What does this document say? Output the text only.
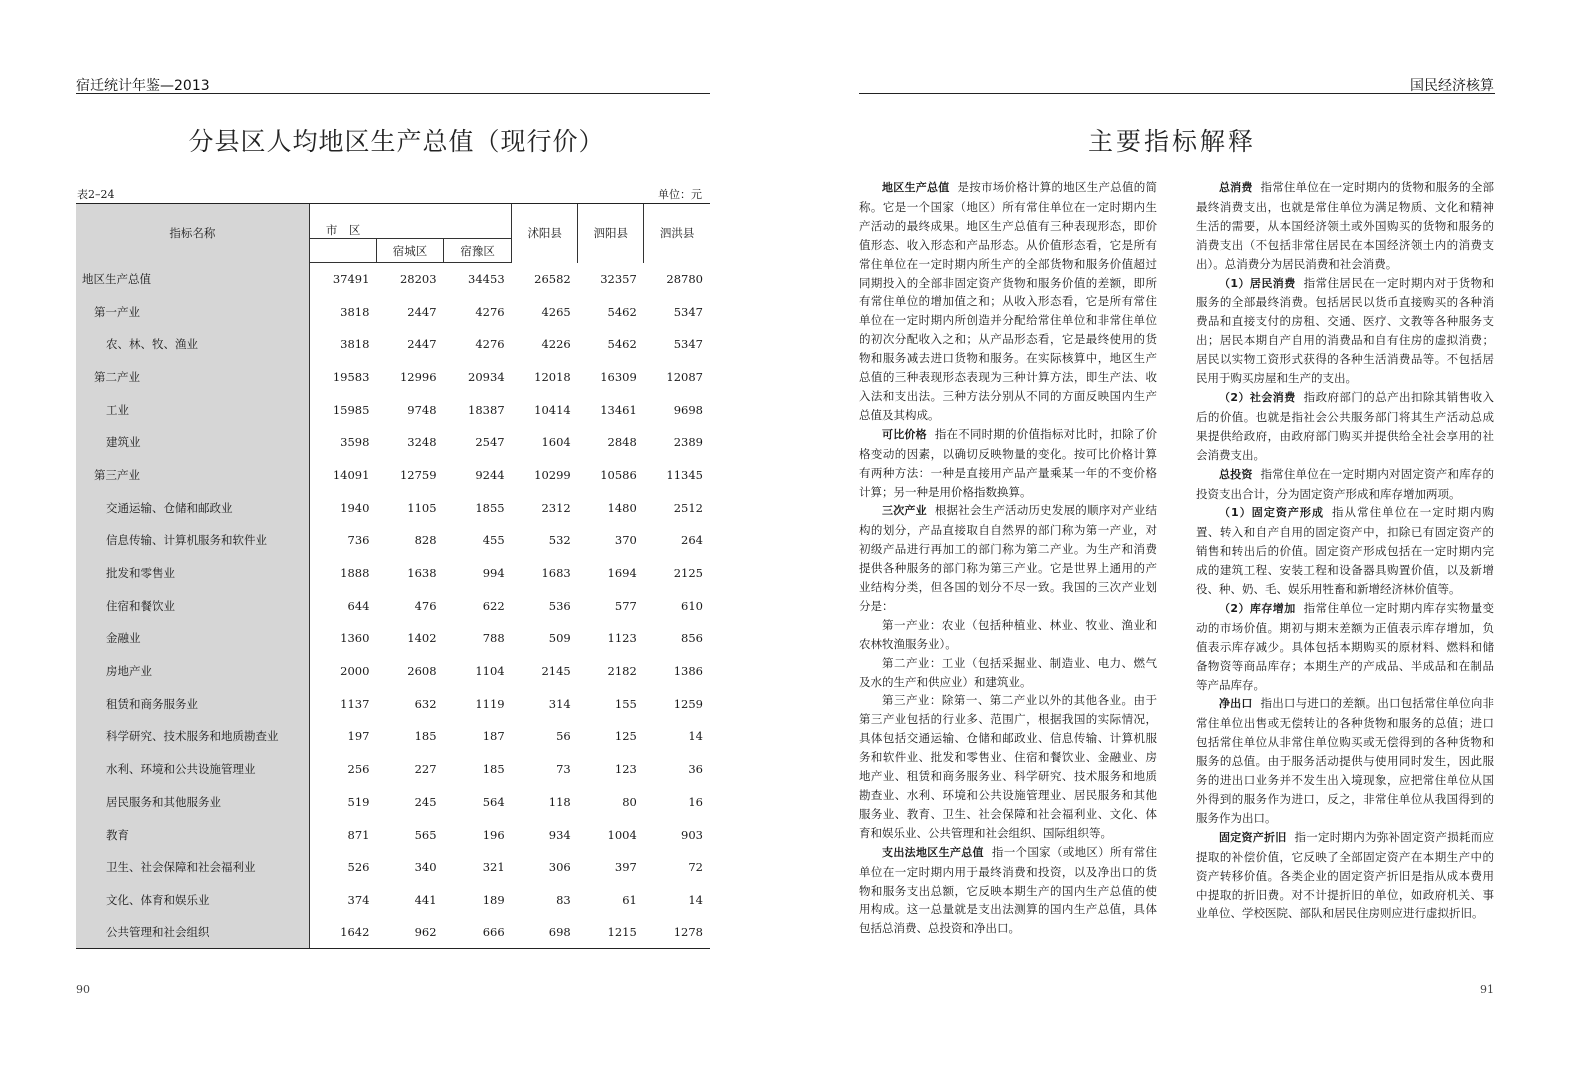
宿迁统计年鉴—2013
分县区人均地区生产总值（现行价）
表2–24	单位：元
指标名称	市　区			沭阳县	泗阳县	泗洪县
		宿城区	宿豫区			
地区生产总值	37491	28203	34453	26582	32357	28780
第一产业	3818	2447	4276	4265	5462	5347
农、林、牧、渔业	3818	2447	4276	4226	5462	5347
第二产业	19583	12996	20934	12018	16309	12087
工业	15985	9748	18387	10414	13461	9698
建筑业	3598	3248	2547	1604	2848	2389
第三产业	14091	12759	9244	10299	10586	11345
交通运输、仓储和邮政业	1940	1105	1855	2312	1480	2512
信息传输、计算机服务和软件业	736	828	455	532	370	264
批发和零售业	1888	1638	994	1683	1694	2125
住宿和餐饮业	644	476	622	536	577	610
金融业	1360	1402	788	509	1123	856
房地产业	2000	2608	1104	2145	2182	1386
租赁和商务服务业	1137	632	1119	314	155	1259
科学研究、技术服务和地质勘查业	197	185	187	56	125	14
水利、环境和公共设施管理业	256	227	185	73	123	36
居民服务和其他服务业	519	245	564	118	80	16
教育	871	565	196	934	1004	903
卫生、社会保障和社会福利业	526	340	321	306	397	72
文化、体育和娱乐业	374	441	189	83	61	14
公共管理和社会组织	1642	962	666	698	1215	1278
90
国民经济核算
主要指标解释

地区生产总值 是按市场价格计算的地区生产总值的简称。它是一个国家（地区）所有常住单位在一定时期内生产活动的最终成果。地区生产总值有三种表现形态，即价值形态、收入形态和产品形态。从价值形态看，它是所有常住单位在一定时期内所生产的全部货物和服务价值超过同期投入的全部非固定资产货物和服务价值的差额，即所有常住单位的增加值之和；从收入形态看，它是所有常住单位在一定时期内所创造并分配给常住单位和非常住单位的初次分配收入之和；从产品形态看，它是最终使用的货物和服务减去进口货物和服务。在实际核算中，地区生产总值的三种表现形态表现为三种计算方法，即生产法、收入法和支出法。三种方法分别从不同的方面反映国内生产总值及其构成。

可比价格 指在不同时期的价值指标对比时，扣除了价格变动的因素，以确切反映物量的变化。按可比价格计算有两种方法：一种是直接用产品产量乘某一年的不变价格计算；另一种是用价格指数换算。

三次产业 根据社会生产活动历史发展的顺序对产业结构的划分，产品直接取自自然界的部门称为第一产业，对初级产品进行再加工的部门称为第二产业。为生产和消费提供各种服务的部门称为第三产业。它是世界上通用的产业结构分类，但各国的划分不尽一致。我国的三次产业划分是：

第一产业：农业（包括种植业、林业、牧业、渔业和农林牧渔服务业）。

第二产业：工业（包括采掘业、制造业、电力、燃气及水的生产和供应业）和建筑业。

第三产业：除第一、第二产业以外的其他各业。由于第三产业包括的行业多、范围广，根据我国的实际情况，具体包括交通运输、仓储和邮政业、信息传输、计算机服务和软件业、批发和零售业、住宿和餐饮业、金融业、房地产业、租赁和商务服务业、科学研究、技术服务和地质勘查业、水利、环境和公共设施管理业、居民服务和其他服务业、教育、卫生、社会保障和社会福利业、文化、体育和娱乐业、公共管理和社会组织、国际组织等。

支出法地区生产总值 指一个国家（或地区）所有常住单位在一定时期内用于最终消费和投资，以及净出口的货物和服务支出总额，它反映本期生产的国内生产总值的使用构成。这一总量就是支出法测算的国内生产总值，具体包括总消费、总投资和净出口。

总消费 指常住单位在一定时期内的货物和服务的全部最终消费支出，也就是常住单位为满足物质、文化和精神生活的需要，从本国经济领土或外国购买的货物和服务的消费支出（不包括非常住居民在本国经济领土内的消费支出）。总消费分为居民消费和社会消费。

（1）居民消费 指常住居民在一定时期内对于货物和服务的全部最终消费。包括居民以货币直接购买的各种消费品和直接支付的房租、交通、医疗、文教等各种服务支出；居民本期自产自用的消费品和自有住房的虚拟消费；居民以实物工资形式获得的各种生活消费品等。不包括居民用于购买房屋和生产的支出。

（2）社会消费 指政府部门的总产出扣除其销售收入后的价值。也就是指社会公共服务部门将其生产活动总成果提供给政府，由政府部门购买并提供给全社会享用的社会消费支出。

总投资 指常住单位在一定时期内对固定资产和库存的投资支出合计，分为固定资产形成和库存增加两项。

（1）固定资产形成 指从常住单位在一定时期内购置、转入和自产自用的固定资产中，扣除已有固定资产的销售和转出后的价值。固定资产形成包括在一定时期内完成的建筑工程、安装工程和设备器具购置价值，以及新增役、种、奶、毛、娱乐用牲畜和新增经济林价值等。

（2）库存增加 指常住单位一定时期内库存实物量变动的市场价值。期初与期末差额为正值表示库存增加，负值表示库存减少。具体包括本期购买的原材料、燃料和储备物资等商品库存；本期生产的产成品、半成品和在制品等产品库存。

净出口 指出口与进口的差额。出口包括常住单位向非常住单位出售或无偿转让的各种货物和服务的总值；进口包括常住单位从非常住单位购买或无偿得到的各种货物和服务的总值。由于服务活动提供与使用同时发生，因此服务的进出口业务并不发生出入境现象，应把常住单位从国外得到的服务作为进口，反之，非常住单位从我国得到的服务作为出口。

固定资产折旧 指一定时期内为弥补固定资产损耗而应提取的补偿价值，它反映了全部固定资产在本期生产中的资产转移价值。各类企业的固定资产折旧是指从成本费用中提取的折旧费。对不计提折旧的单位，如政府机关、事业单位、学校医院、部队和居民住房则应进行虚拟折旧。

91
